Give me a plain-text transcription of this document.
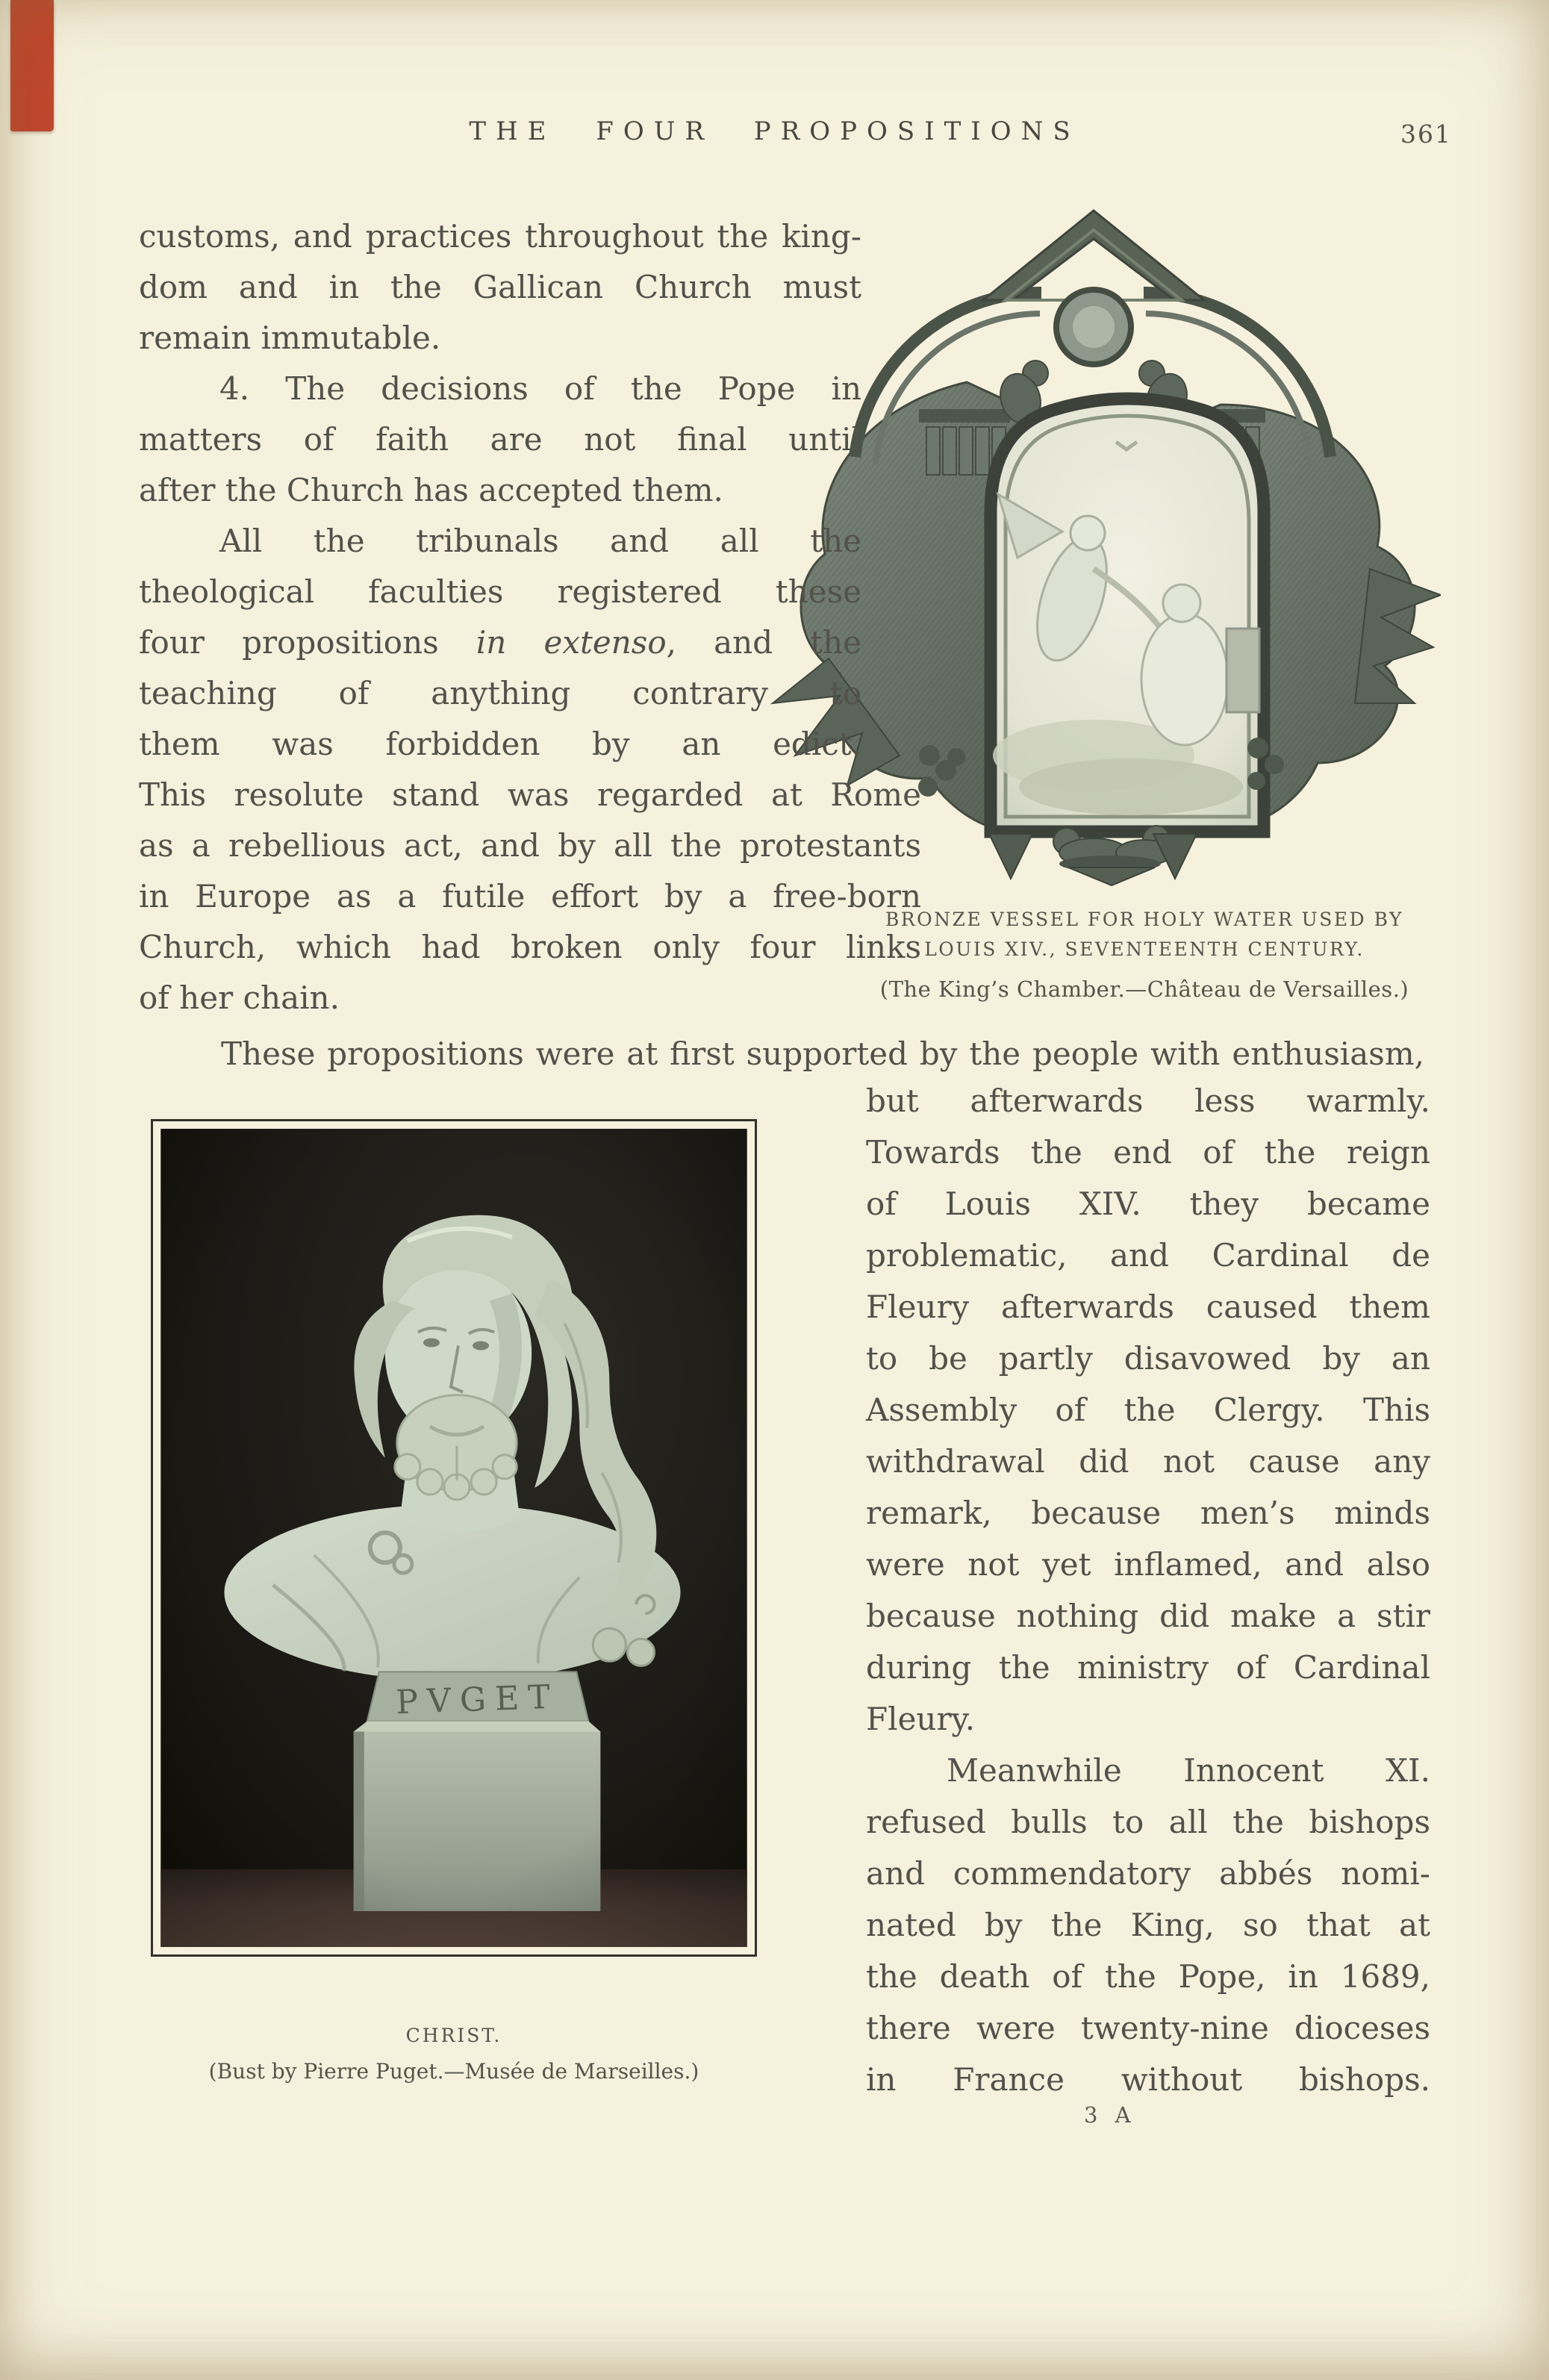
THE FOUR PROPOSITIONS	361
BRONZE VESSEL FOR HOLY WATER USED BY
LOUIS XIV., SEVENTEENTH CENTURY.
(The King’s Chamber.—Château de Versailles.)
customs, and practices throughout the king-
dom and in the Gallican Church must
remain immutable.
4. The decisions of the Pope in
matters of faith are not final until
after the Church has accepted them.
All the tribunals and all the
theological faculties registered these
four propositions in extenso, and the
teaching of anything contrary to
them was forbidden by an edict.
This resolute stand was regarded at Rome
as a rebellious act, and by all the protestants
in Europe as a futile effort by a free-born
Church, which had broken only four links
of her chain.
These propositions were at first supported by the people with enthusiasm,
but afterwards less warmly.
Towards the end of the reign
of Louis XIV. they became
problematic, and Cardinal de
Fleury afterwards caused them
to be partly disavowed by an
Assembly of the Clergy. This
withdrawal did not cause any
remark, because men’s minds
were not yet inflamed, and also
because nothing did make a stir
during the ministry of Cardinal
Fleury.
Meanwhile Innocent XI.
refused bulls to all the bishops
and commendatory abbés nomi-
nated by the King, so that at
the death of the Pope, in 1689,
there were twenty-nine dioceses
in France without bishops.
CHRIST.
(Bust by Pierre Puget.—Musée de Marseilles.)
3 A
